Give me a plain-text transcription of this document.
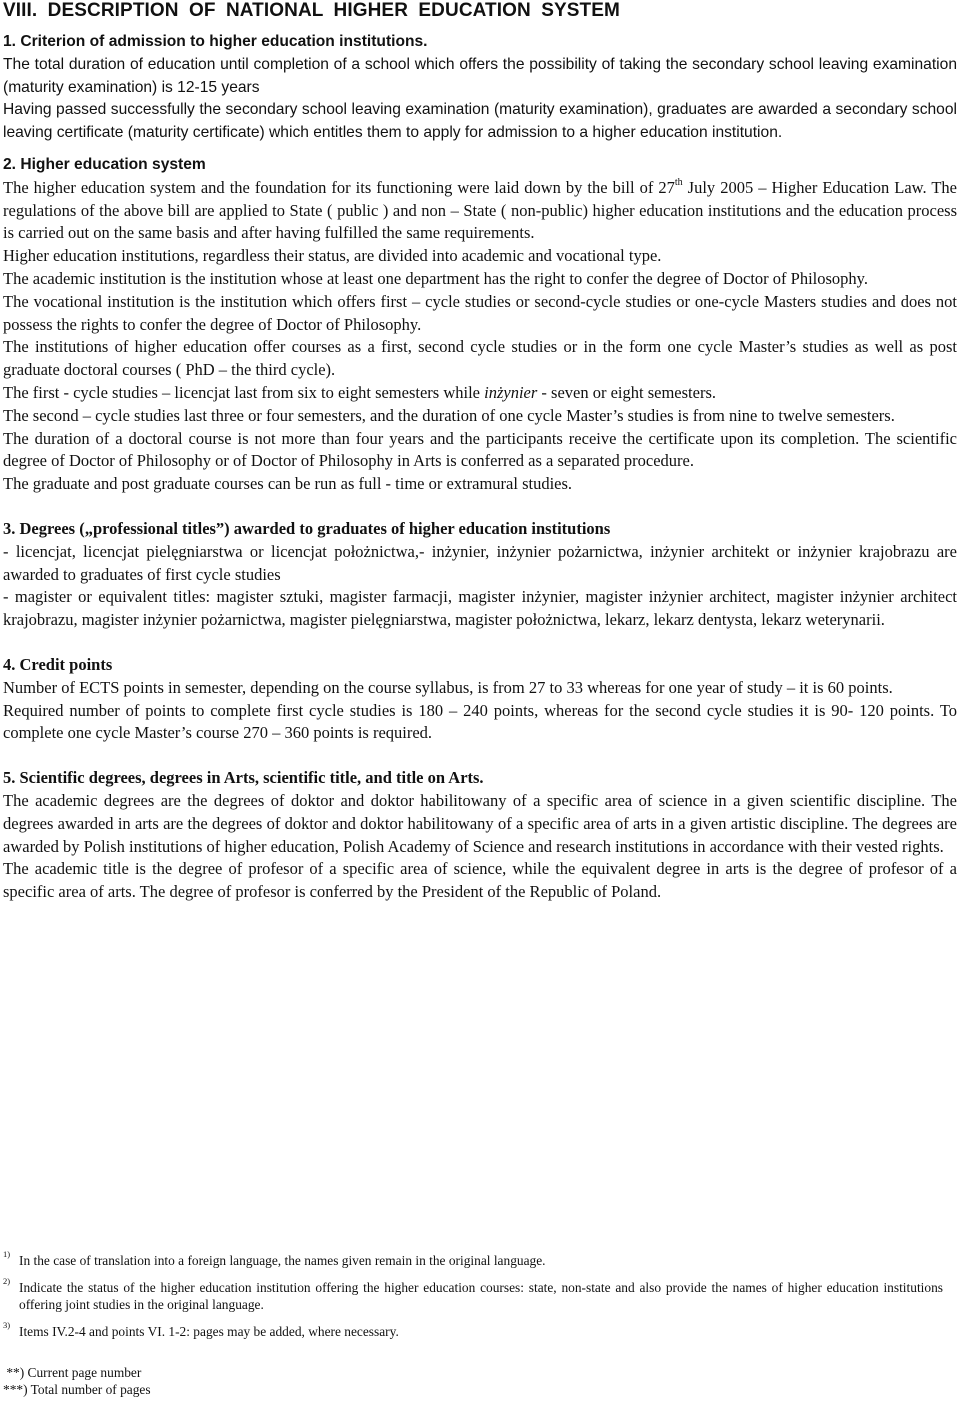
VIII. DESCRIPTION OF NATIONAL HIGHER EDUCATION SYSTEM

1. Criterion of admission to higher education institutions.

The total duration of education until completion of a school which offers the possibility of taking the secondary school leaving examination (maturity examination) is 12-15 years

Having passed successfully the secondary school leaving examination (maturity examination), graduates are awarded a secondary school leaving certificate (maturity certificate) which entitles them to apply for admission to a higher education institution.

2. Higher education system

The higher education system and the foundation for its functioning were laid down by the bill of 27th July 2005 – Higher Education Law. The regulations of the above bill are applied to State ( public ) and non – State ( non-public) higher education institutions and the education process is carried out on the same basis and after having fulfilled the same requirements.

Higher education institutions, regardless their status, are divided into academic and vocational type.

The academic institution is the institution whose at least one department has the right to confer the degree of Doctor of Philosophy.

The vocational institution is the institution which offers first – cycle studies or second-cycle studies or one-cycle Masters studies and does not possess the rights to confer the degree of Doctor of Philosophy.

The institutions of higher education offer courses as a first, second cycle studies or in the form one cycle Master’s studies as well as post graduate doctoral courses ( PhD – the third cycle).

The first - cycle studies – licencjat last from six to eight semesters while inżynier - seven or eight semesters.

The second – cycle studies last three or four semesters, and the duration of one cycle Master’s studies is from nine to twelve semesters.

The duration of a doctoral course is not more than four years and the participants receive the certificate upon its completion. The scientific degree of Doctor of Philosophy or of Doctor of Philosophy in Arts is conferred as a separated procedure.

The graduate and post graduate courses can be run as full - time or extramural studies.

3. Degrees („professional titles”) awarded to graduates of higher education institutions

- licencjat, licencjat pielęgniarstwa or licencjat położnictwa,- inżynier, inżynier pożarnictwa, inżynier architekt or inżynier krajobrazu are awarded to graduates of first cycle studies

- magister or equivalent titles: magister sztuki, magister farmacji, magister inżynier, magister inżynier architect, magister inżynier architect krajobrazu, magister inżynier pożarnictwa, magister pielęgniarstwa, magister położnictwa, lekarz, lekarz dentysta, lekarz weterynarii.

4. Credit points

Number of ECTS points in semester, depending on the course syllabus, is from 27 to 33 whereas for one year of study – it is 60 points.

Required number of points to complete first cycle studies is 180 – 240 points, whereas for the second cycle studies it is 90- 120 points. To complete one cycle Master’s course 270 – 360 points is required.

5. Scientific degrees, degrees in Arts, scientific title, and title on Arts.

The academic degrees are the degrees of doktor and doktor habilitowany of a specific area of science in a given scientific discipline. The degrees awarded in arts are the degrees of doktor and doktor habilitowany of a specific area of arts in a given artistic discipline. The degrees are awarded by Polish institutions of higher education, Polish Academy of Science and research institutions in accordance with their vested rights.

The academic title is the degree of profesor of a specific area of science, while the equivalent degree in arts is the degree of profesor of a specific area of arts. The degree of profesor is conferred by the President of the Republic of Poland.

1) In the case of translation into a foreign language, the names given remain in the original language.
2) Indicate the status of the higher education institution offering the higher education courses: state, non-state and also provide the names of higher education institutions offering joint studies in the original language.
3) Items IV.2-4 and points VI. 1-2: pages may be added, where necessary.
**) Current page number
***) Total number of pages
